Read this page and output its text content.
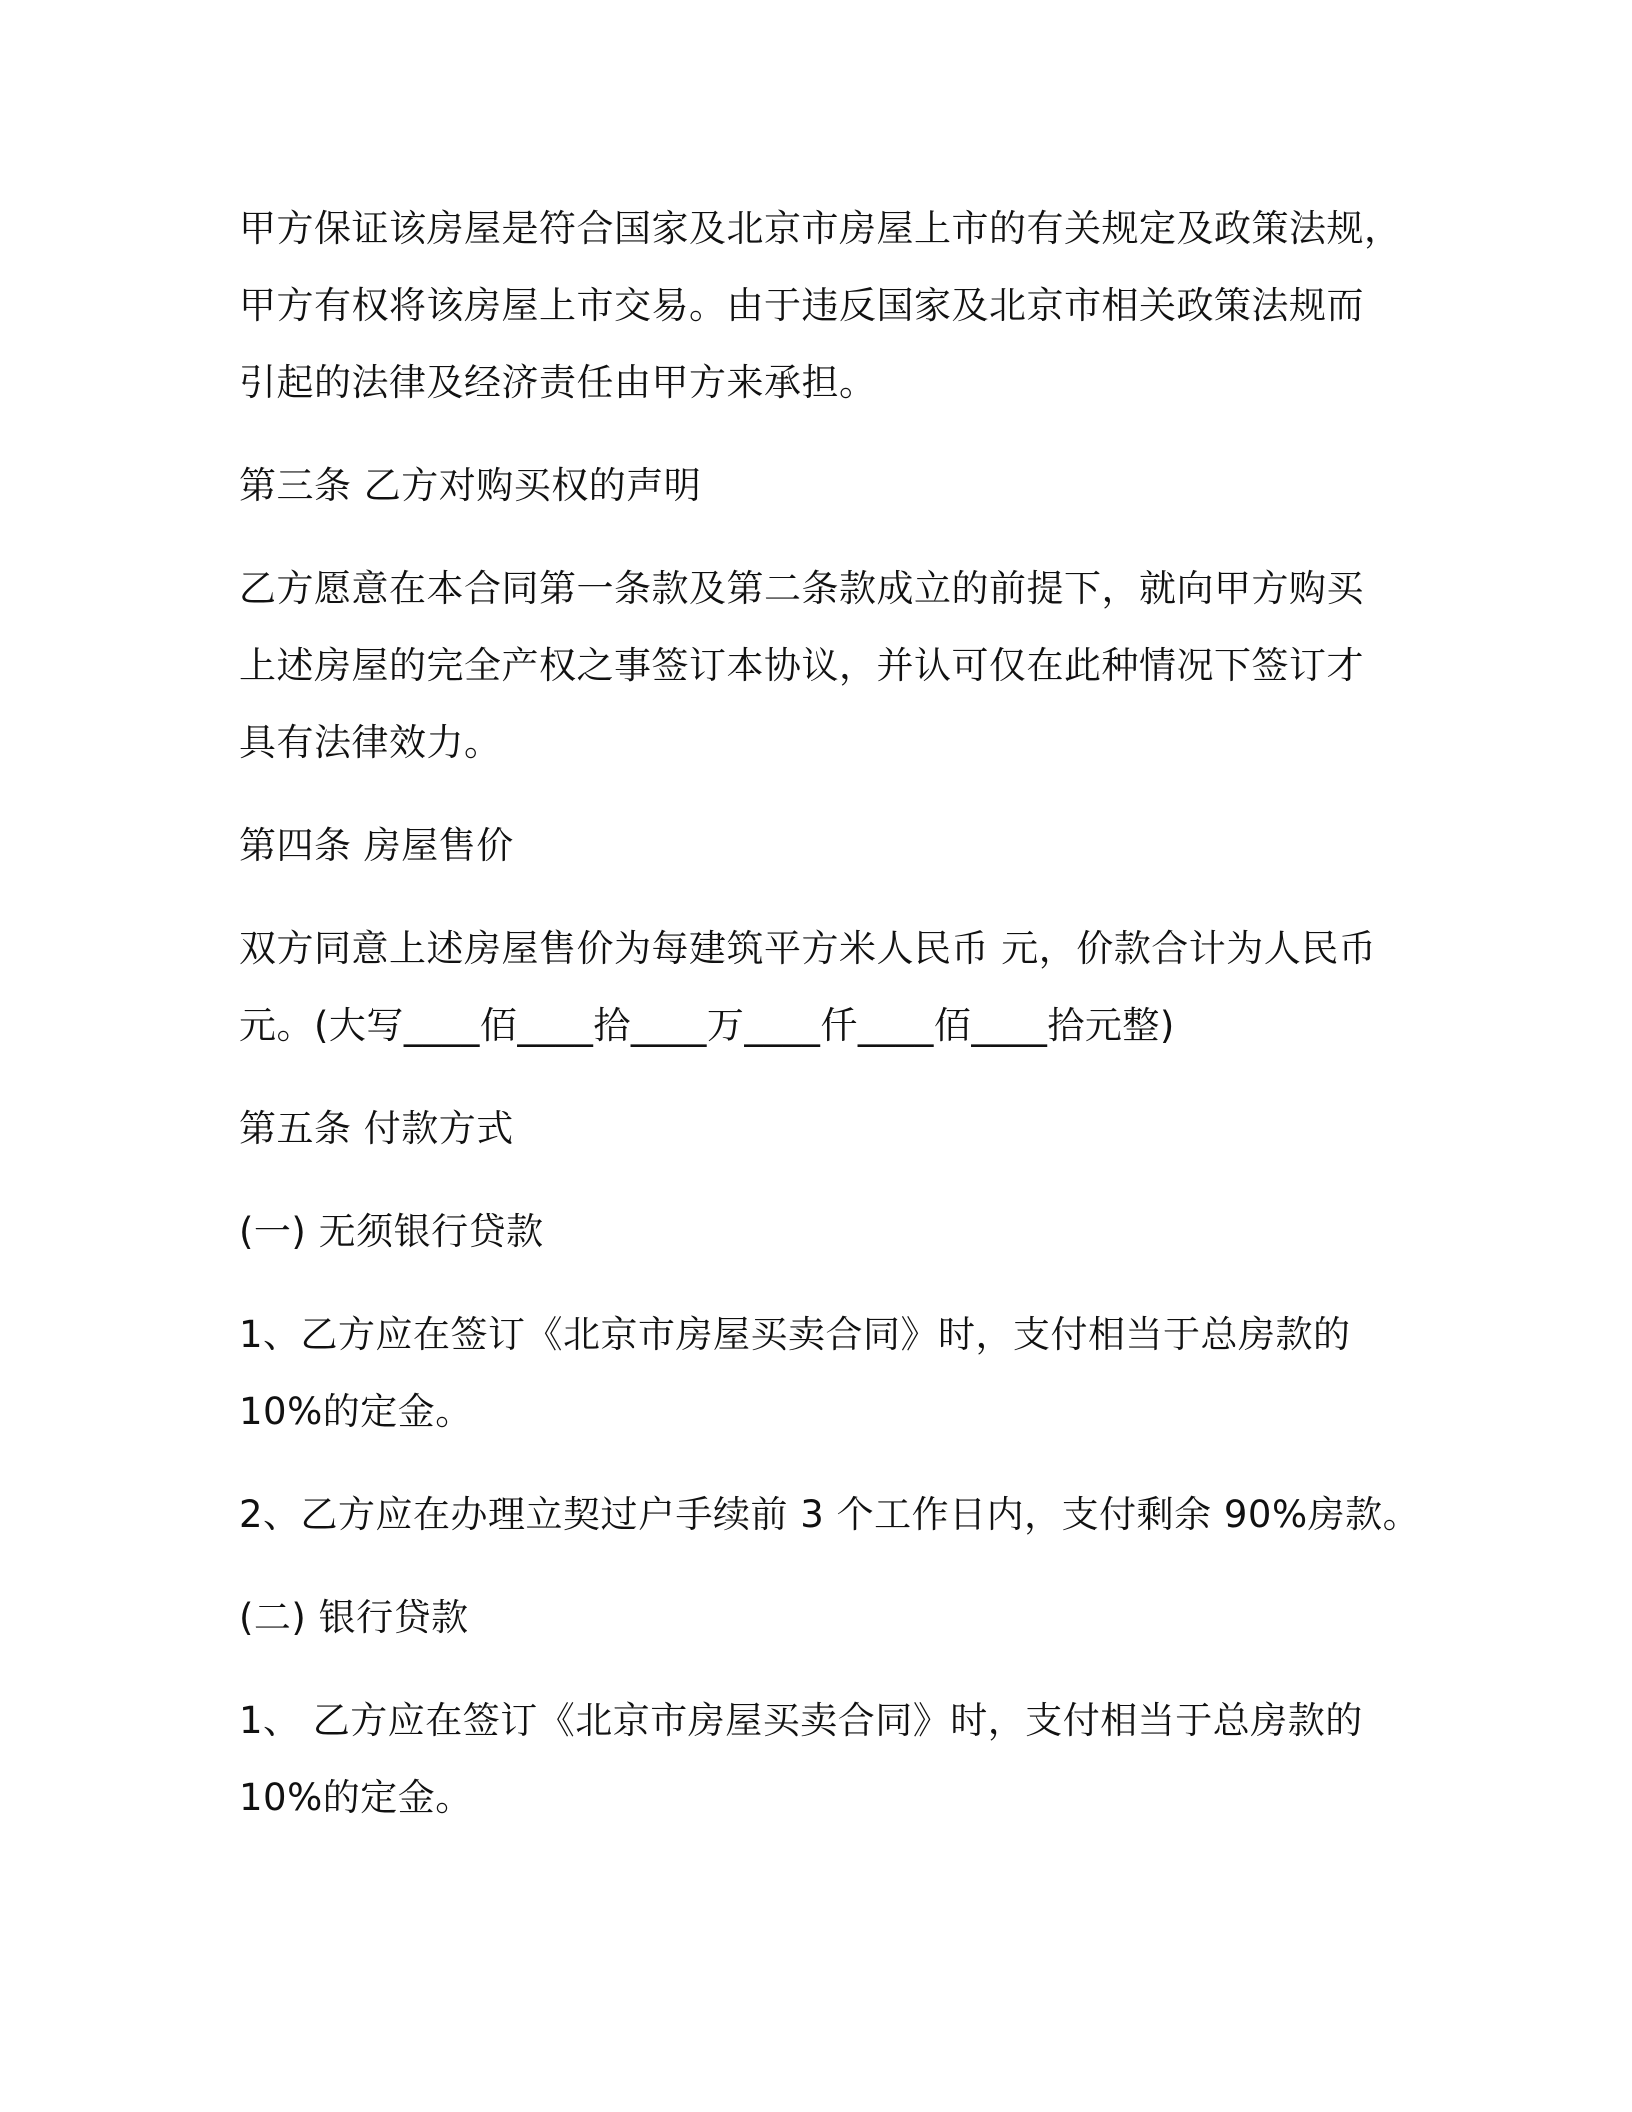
甲方保证该房屋是符合国家及北京市房屋上市的有关规定及政策法规，
甲方有权将该房屋上市交易。由于违反国家及北京市相关政策法规而
引起的法律及经济责任由甲方来承担。

第三条 乙方对购买权的声明

乙方愿意在本合同第一条款及第二条款成立的前提下，就向甲方购买
上述房屋的完全产权之事签订本协议，并认可仅在此种情况下签订才
具有法律效力。

第四条 房屋售价

双方同意上述房屋售价为每建筑平方米人民币 元，价款合计为人民币
元。(大写____佰____拾____万____仟____佰____拾元整)

第五条 付款方式

(一) 无须银行贷款

1、乙方应在签订《北京市房屋买卖合同》时，支付相当于总房款的
10%的定金。

2、乙方应在办理立契过户手续前 3 个工作日内，支付剩余 90%房款。

(二) 银行贷款

1、 乙方应在签订《北京市房屋买卖合同》时，支付相当于总房款的
10%的定金。
